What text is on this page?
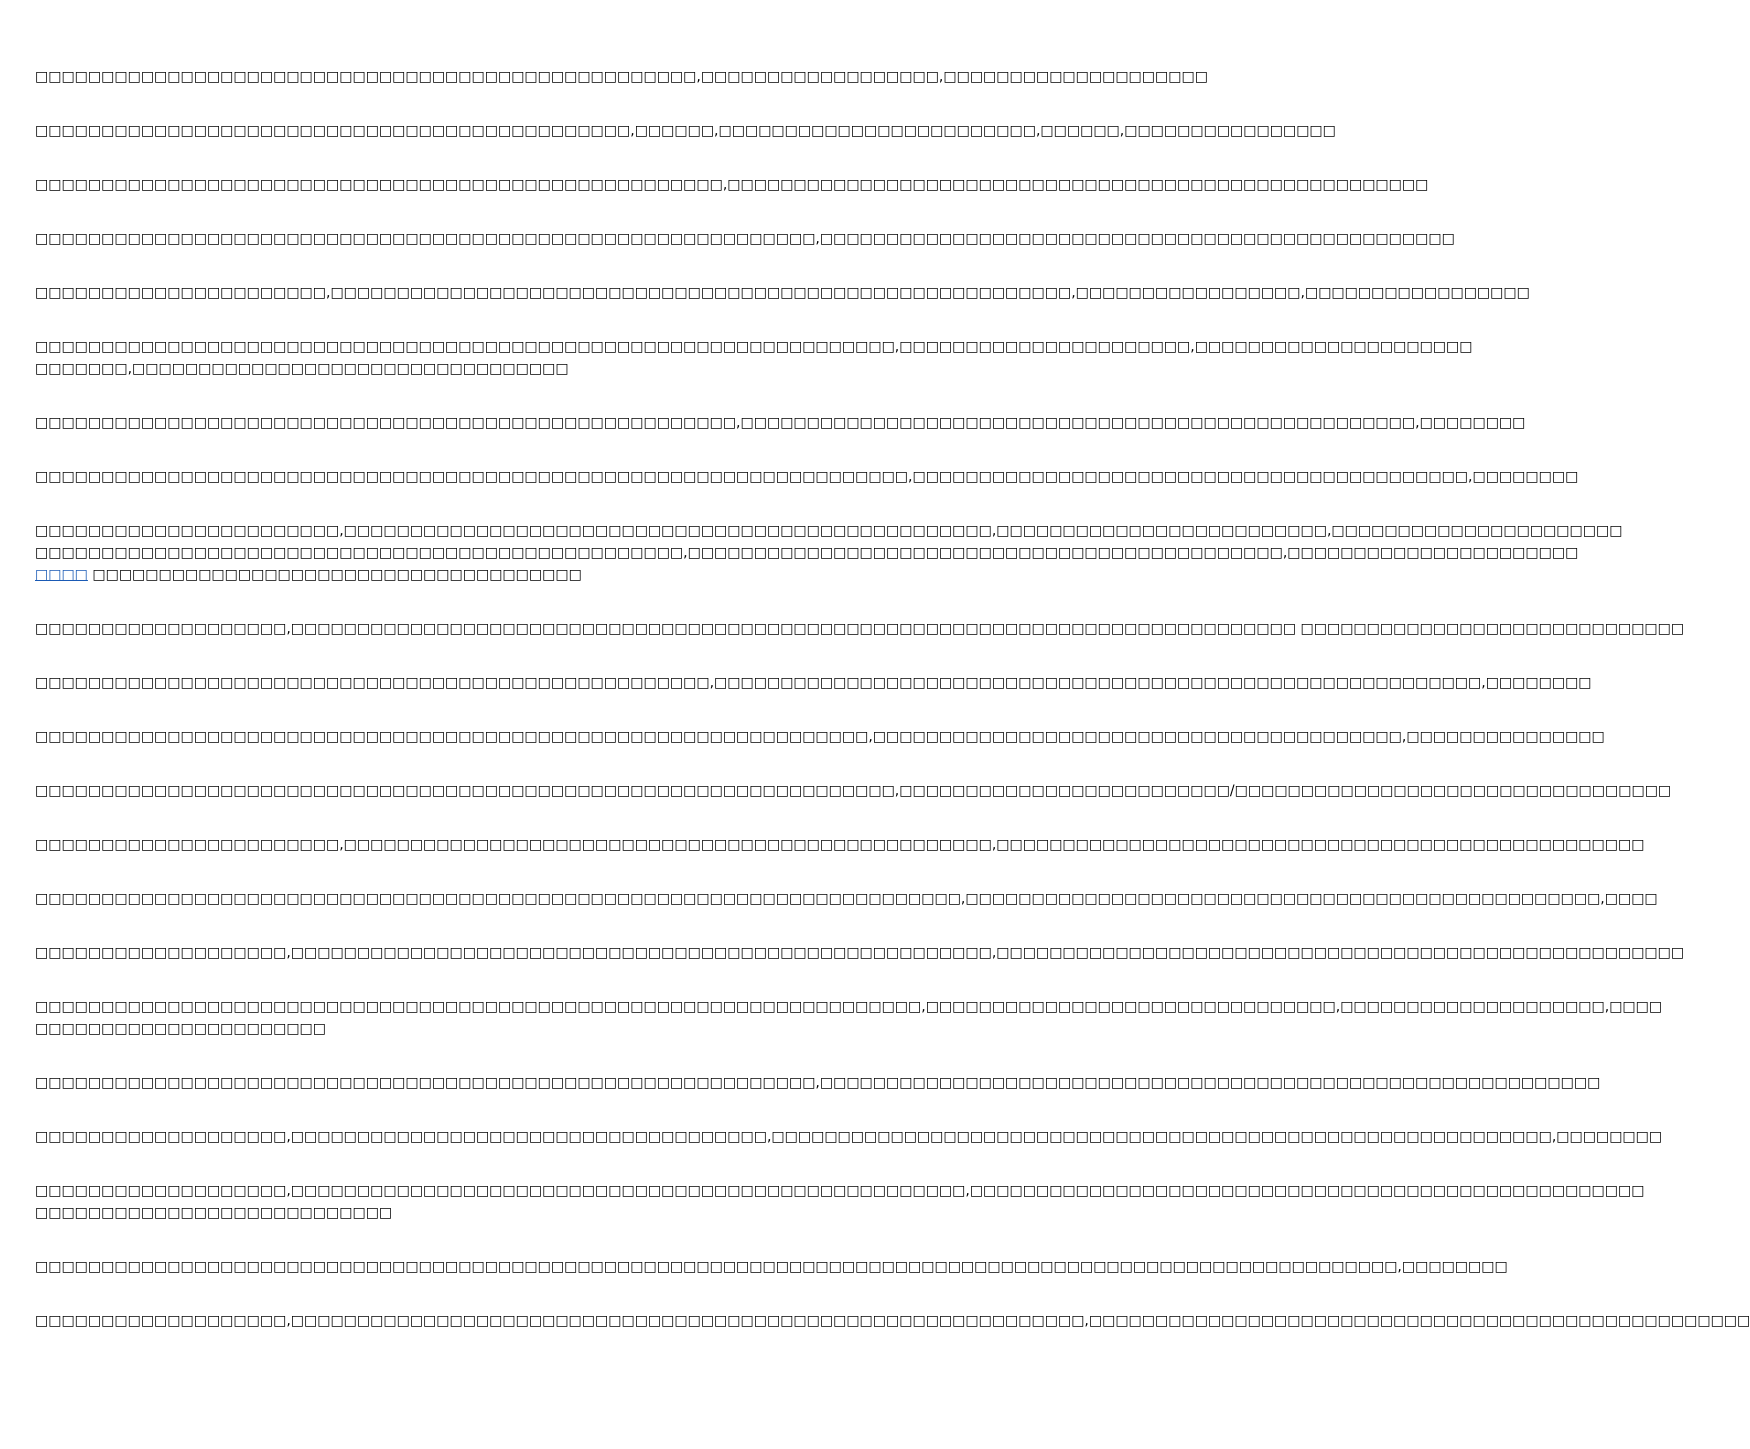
□□□□□□□□□□□□□□□□□□□□□□□□□□□□□□□□□□□□□□□□□□□□□□□□□□,□□□□□□□□□□□□□□□□□□,□□□□□□□□□□□□□□□□□□□□

□□□□□□□□□□□□□□□□□□□□□□□□□□□□□□□□□□□□□□□□□□□□□,□□□□□□,□□□□□□□□□□□□□□□□□□□□□□□□,□□□□□□,□□□□□□□□□□□□□□□□

□□□□□□□□□□□□□□□□□□□□□□□□□□□□□□□□□□□□□□□□□□□□□□□□□□□□,□□□□□□□□□□□□□□□□□□□□□□□□□□□□□□□□□□□□□□□□□□□□□□□□□□□□□

□□□□□□□□□□□□□□□□□□□□□□□□□□□□□□□□□□□□□□□□□□□□□□□□□□□□□□□□□□□,□□□□□□□□□□□□□□□□□□□□□□□□□□□□□□□□□□□□□□□□□□□□□□□□

□□□□□□□□□□□□□□□□□□□□□□,□□□□□□□□□□□□□□□□□□□□□□□□□□□□□□□□□□□□□□□□□□□□□□□□□□□□□□□□,□□□□□□□□□□□□□□□□□,□□□□□□□□□□□□□□□□□

□□□□□□□□□□□□□□□□□□□□□□□□□□□□□□□□□□□□□□□□□□□□□□□□□□□□□□□□□□□□□□□□□,□□□□□□□□□□□□□□□□□□□□□□,□□□□□□□□□□□□□□□□□□□□□
□□□□□□□,□□□□□□□□□□□□□□□□□□□□□□□□□□□□□□□□□

□□□□□□□□□□□□□□□□□□□□□□□□□□□□□□□□□□□□□□□□□□□□□□□□□□□□□,□□□□□□□□□□□□□□□□□□□□□□□□□□□□□□□□□□□□□□□□□□□□□□□□□□□,□□□□□□□□

□□□□□□□□□□□□□□□□□□□□□□□□□□□□□□□□□□□□□□□□□□□□□□□□□□□□□□□□□□□□□□□□□□,□□□□□□□□□□□□□□□□□□□□□□□□□□□□□□□□□□□□□□□□□□,□□□□□□□□

□□□□□□□□□□□□□□□□□□□□□□□,□□□□□□□□□□□□□□□□□□□□□□□□□□□□□□□□□□□□□□□□□□□□□□□□□,□□□□□□□□□□□□□□□□□□□□□□□□□,□□□□□□□□□□□□□□□□□□□□□□
□□□□□□□□□□□□□□□□□□□□□□□□□□□□□□□□□□□□□□□□□□□□□□□□□,□□□□□□□□□□□□□□□□□□□□□□□□□□□□□□□□□□□□□□□□□□□□□,□□□□□□□□□□□□□□□□□□□□□□
□□□□ □□□□□□□□□□□□□□□□□□□□□□□□□□□□□□□□□□□□□

□□□□□□□□□□□□□□□□□□□,□□□□□□□□□□□□□□□□□□□□□□□□□□□□□□□□□□□□□□□□□□□□□□□□□□□□□□□□□□□□□□□□□□□□□□□□□□□□ □□□□□□□□□□□□□□□□□□□□□□□□□□□□□

□□□□□□□□□□□□□□□□□□□□□□□□□□□□□□□□□□□□□□□□□□□□□□□□□□□,□□□□□□□□□□□□□□□□□□□□□□□□□□□□□□□□□□□□□□□□□□□□□□□□□□□□□□□□□□,□□□□□□□□

□□□□□□□□□□□□□□□□□□□□□□□□□□□□□□□□□□□□□□□□□□□□□□□□□□□□□□□□□□□□□□□,□□□□□□□□□□□□□□□□□□□□□□□□□□□□□□□□□□□□□□□□,□□□□□□□□□□□□□□□

□□□□□□□□□□□□□□□□□□□□□□□□□□□□□□□□□□□□□□□□□□□□□□□□□□□□□□□□□□□□□□□□□,□□□□□□□□□□□□□□□□□□□□□□□□□/□□□□□□□□□□□□□□□□□□□□□□□□□□□□□□□□□

□□□□□□□□□□□□□□□□□□□□□□□,□□□□□□□□□□□□□□□□□□□□□□□□□□□□□□□□□□□□□□□□□□□□□□□□□,□□□□□□□□□□□□□□□□□□□□□□□□□□□□□□□□□□□□□□□□□□□□□□□□□

□□□□□□□□□□□□□□□□□□□□□□□□□□□□□□□□□□□□□□□□□□□□□□□□□□□□□□□□□□□□□□□□□□□□□□,□□□□□□□□□□□□□□□□□□□□□□□□□□□□□□□□□□□□□□□□□□□□□□□□,□□□□

□□□□□□□□□□□□□□□□□□□,□□□□□□□□□□□□□□□□□□□□□□□□□□□□□□□□□□□□□□□□□□□□□□□□□□□□□,□□□□□□□□□□□□□□□□□□□□□□□□□□□□□□□□□□□□□□□□□□□□□□□□□□□□

□□□□□□□□□□□□□□□□□□□□□□□□□□□□□□□□□□□□□□□□□□□□□□□□□□□□□□□□□□□□□□□□□□□,□□□□□□□□□□□□□□□□□□□□□□□□□□□□□□□,□□□□□□□□□□□□□□□□□□□□,□□□□
□□□□□□□□□□□□□□□□□□□□□□

□□□□□□□□□□□□□□□□□□□□□□□□□□□□□□□□□□□□□□□□□□□□□□□□□□□□□□□□□□□,□□□□□□□□□□□□□□□□□□□□□□□□□□□□□□□□□□□□□□□□□□□□□□□□□□□□□□□□□□□

□□□□□□□□□□□□□□□□□□□,□□□□□□□□□□□□□□□□□□□□□□□□□□□□□□□□□□□□,□□□□□□□□□□□□□□□□□□□□□□□□□□□□□□□□□□□□□□□□□□□□□□□□□□□□□□□□□□□,□□□□□□□□

□□□□□□□□□□□□□□□□□□□,□□□□□□□□□□□□□□□□□□□□□□□□□□□□□□□□□□□□□□□□□□□□□□□□□□□,□□□□□□□□□□□□□□□□□□□□□□□□□□□□□□□□□□□□□□□□□□□□□□□□□□□
□□□□□□□□□□□□□□□□□□□□□□□□□□□

□□□□□□□□□□□□□□□□□□□□□□□□□□□□□□□□□□□□□□□□□□□□□□□□□□□□□□□□□□□□□□□□□□□□□□□□□□□□□□□□□□□□□□□□□□□□□□□□□□□□□□□,□□□□□□□□

□□□□□□□□□□□□□□□□□□□,□□□□□□□□□□□□□□□□□□□□□□□□□□□□□□□□□□□□□□□□□□□□□□□□□□□□□□□□□□□□,□□□□□□□□□□□□□□□□□□□□□□□□□□□□□□□□□□□□□□□□□□□□□□□□□□
